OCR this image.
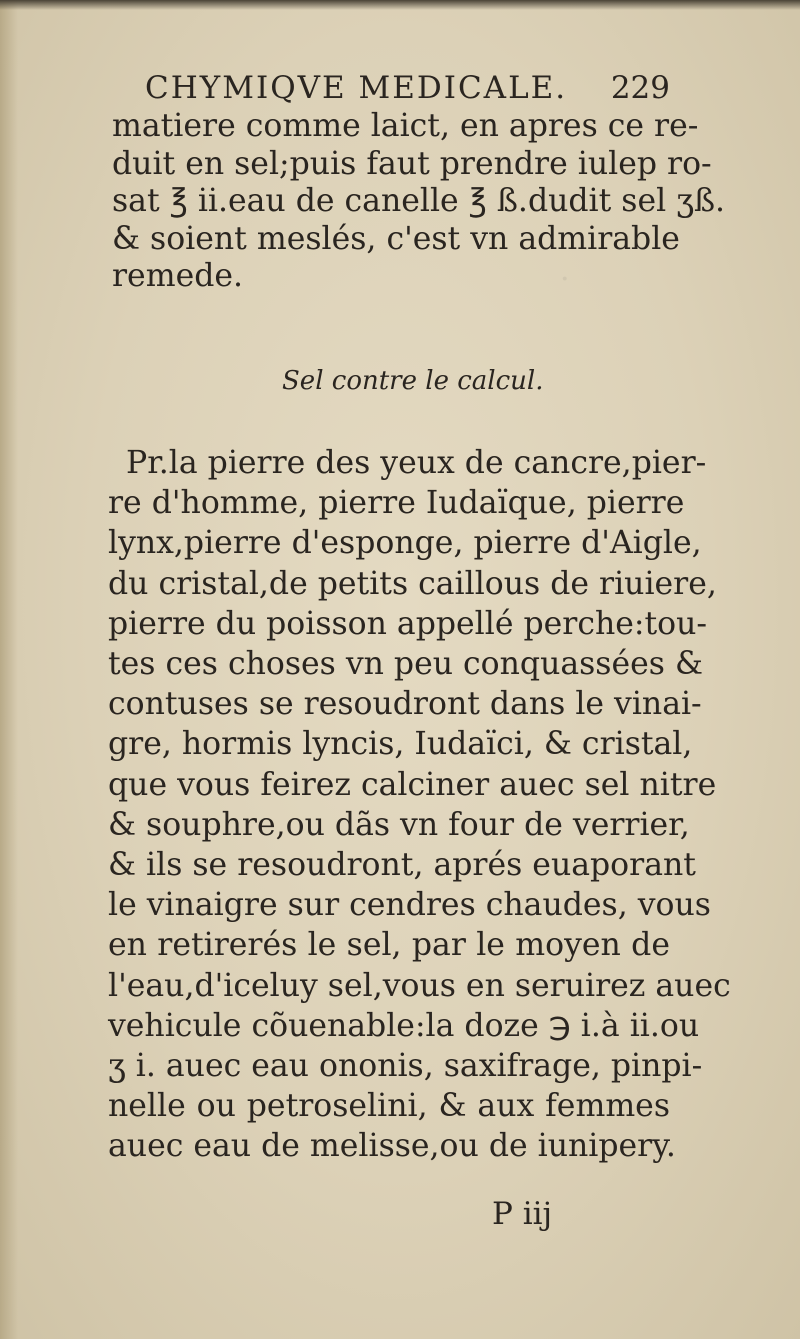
·
CHYMIQVE MEDICALE. 229
matiere comme laict, en apres ce re-
duit en sel;puis faut prendre iulep ro-
sat ℥ ii.eau de canelle ℥ ß.dudit sel ʒß.
& soient meslés, c'est vn admirable
remede.
Sel contre le calcul.
Pr.la pierre des yeux de cancre,pier-
re d'homme, pierre Iudaïque, pierre
lynx,pierre d'esponge, pierre d'Aigle,
du cristal,de petits caillous de riuiere,
pierre du poisson appellé perche:tou-
tes ces choses vn peu conquassées &
contuses se resoudront dans le vinai-
gre, hormis lyncis, Iudaïci, & cristal,
que vous feirez calciner auec sel nitre
& souphre,ou dãs vn four de verrier,
& ils se resoudront, aprés euaporant
le vinaigre sur cendres chaudes, vous
en retirerés le sel, par le moyen de
l'eau,d'iceluy sel,vous en seruirez auec
vehicule cõuenable:la doze ℈ i.à ii.ou
ʒ i. auec eau ononis, saxifrage, pinpi-
nelle ou petroselini, & aux femmes
auec eau de melisse,ou de iunipery.
P iij
